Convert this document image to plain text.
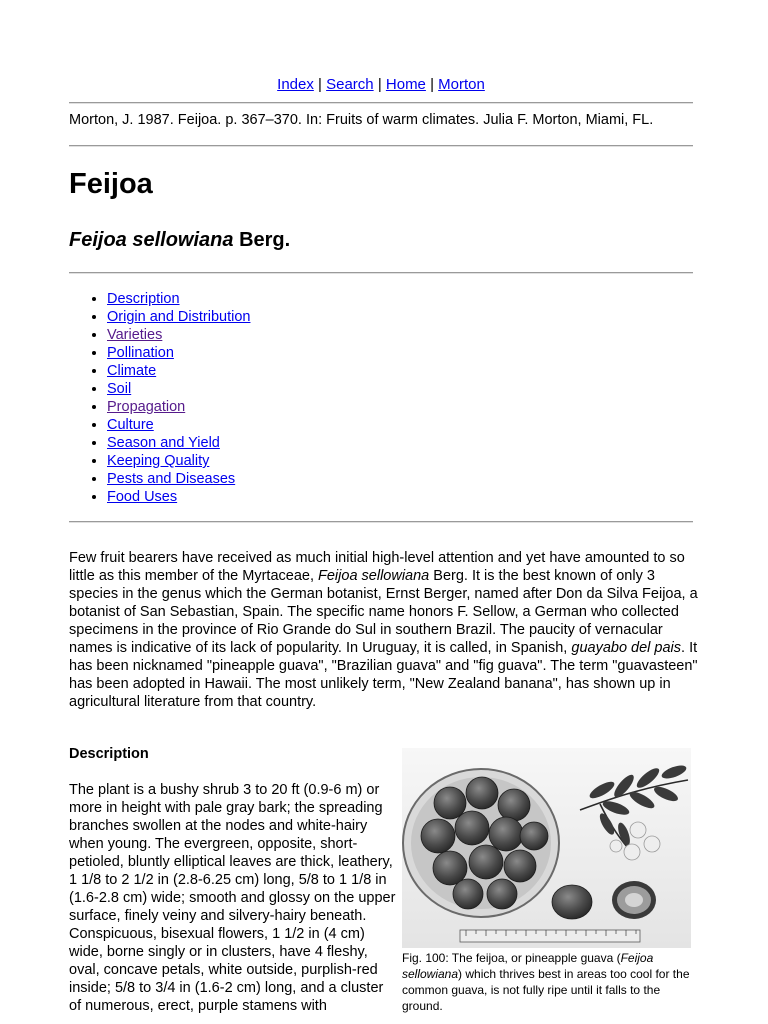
Index | Search | Home | Morton
Morton, J. 1987. Feijoa. p. 367–370. In: Fruits of warm climates. Julia F. Morton, Miami, FL.
Feijoa
Feijoa sellowiana Berg.
• Description
• Origin and Distribution
• Varieties
• Pollination
• Climate
• Soil
• Propagation
• Culture
• Season and Yield
• Keeping Quality
• Pests and Diseases
• Food Uses

Few fruit bearers have received as much initial high-level attention and yet have amounted to so little as this member of the Myrtaceae, Feijoa sellowiana Berg. It is the best known of only 3 species in the genus which the German botanist, Ernst Berger, named after Don da Silva Feijoa, a botanist of San Sebastian, Spain. The specific name honors F. Sellow, a German who collected specimens in the province of Rio Grande do Sul in southern Brazil. The paucity of vernacular names is indicative of its lack of popularity. In Uruguay, it is called, in Spanish, guayabo del pais. It has been nicknamed "pineapple guava", "Brazilian guava" and "fig guava". The term "guavasteen" has been adopted in Hawaii. The most unlikely term, "New Zealand banana", has shown up in agricultural literature from that country.

Description

The plant is a bushy shrub 3 to 20 ft (0.9-6 m) or more in height with pale gray bark; the spreading branches swollen at the nodes and white-hairy when young. The evergreen, opposite, short-petioled, bluntly elliptical leaves are thick, leathery, 1 1/8 to 2 1/2 in (2.8-6.25 cm) long, 5/8 to 1 1/8 in (1.6-2.8 cm) wide; smooth and glossy on the upper surface, finely veiny and silvery-hairy beneath. Conspicuous, bisexual flowers, 1 1/2 in (4 cm) wide, borne singly or in clusters, have 4 fleshy, oval, concave petals, white outside, purplish-red inside; 5/8 to 3/4 in (1.6-2 cm) long, and a cluster of numerous, erect, purple stamens with

Fig. 100: The feijoa, or pineapple guava (Feijoa sellowiana) which thrives best in areas too cool for the common guava, is not fully ripe until it falls to the ground.
